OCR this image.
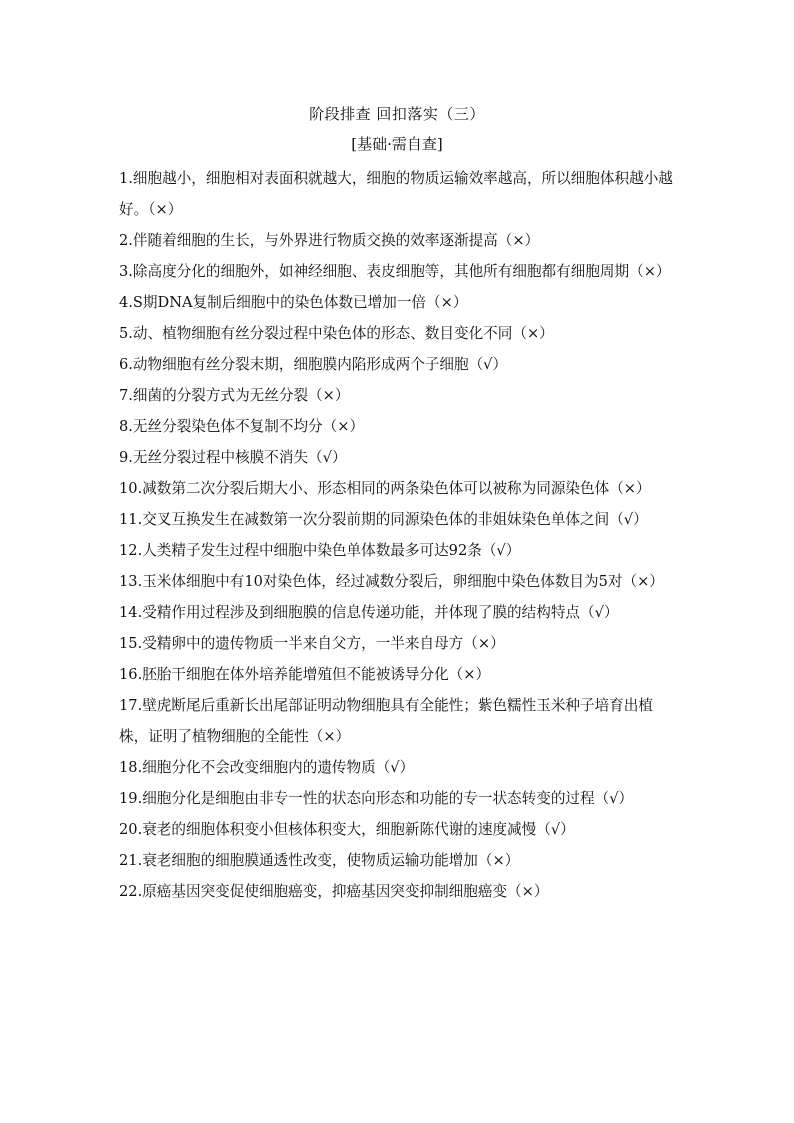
阶段排查 回扣落实（三）
[基础·需自查]

1.细胞越小，细胞相对表面积就越大，细胞的物质运输效率越高，所以细胞体积越小越好。（×）

2.伴随着细胞的生长，与外界进行物质交换的效率逐渐提高（×）

3.除高度分化的细胞外，如神经细胞、表皮细胞等，其他所有细胞都有细胞周期（×）

4.S期DNA复制后细胞中的染色体数已增加一倍（×）

5.动、植物细胞有丝分裂过程中染色体的形态、数目变化不同（×）

6.动物细胞有丝分裂末期，细胞膜内陷形成两个子细胞（√）

7.细菌的分裂方式为无丝分裂（×）

8.无丝分裂染色体不复制不均分（×）

9.无丝分裂过程中核膜不消失（√）

10.减数第二次分裂后期大小、形态相同的两条染色体可以被称为同源染色体（×）

11.交叉互换发生在减数第一次分裂前期的同源染色体的非姐妹染色单体之间（√）

12.人类精子发生过程中细胞中染色单体数最多可达92条（√）

13.玉米体细胞中有10对染色体，经过减数分裂后，卵细胞中染色体数目为5对（×）

14.受精作用过程涉及到细胞膜的信息传递功能，并体现了膜的结构特点（√）

15.受精卵中的遗传物质一半来自父方，一半来自母方（×）

16.胚胎干细胞在体外培养能增殖但不能被诱导分化（×）

17.壁虎断尾后重新长出尾部证明动物细胞具有全能性；紫色糯性玉米种子培育出植株，证明了植物细胞的全能性（×）

18.细胞分化不会改变细胞内的遗传物质（√）

19.细胞分化是细胞由非专一性的状态向形态和功能的专一状态转变的过程（√）

20.衰老的细胞体积变小但核体积变大，细胞新陈代谢的速度减慢（√）

21.衰老细胞的细胞膜通透性改变，使物质运输功能增加（×）

22.原癌基因突变促使细胞癌变，抑癌基因突变抑制细胞癌变（×）
